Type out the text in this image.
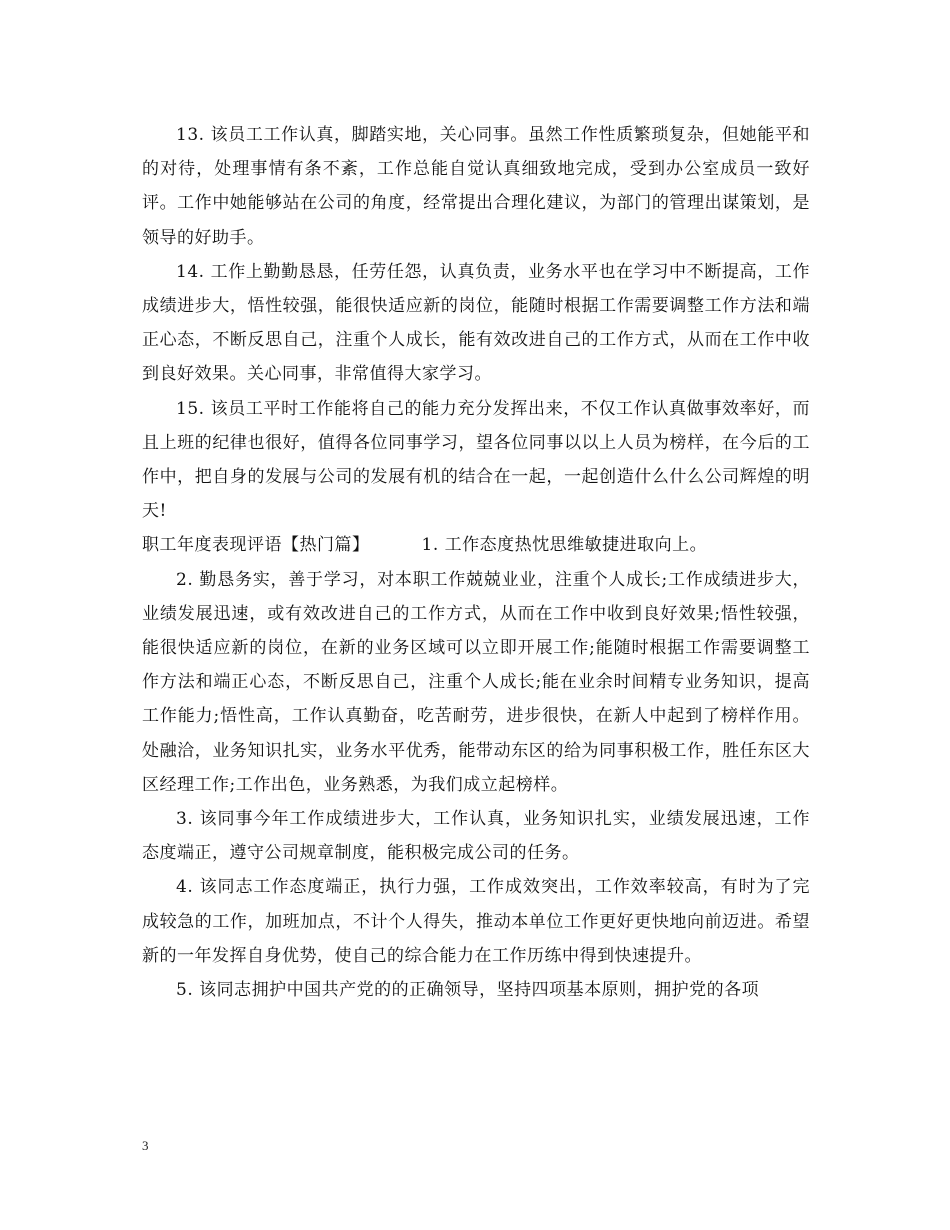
13. 该员工工作认真，脚踏实地，关心同事。虽然工作性质繁琐复杂，但她能平和的对待，处理事情有条不紊，工作总能自觉认真细致地完成，受到办公室成员一致好评。工作中她能够站在公司的角度，经常提出合理化建议，为部门的管理出谋策划，是领导的好助手。

14. 工作上勤勤恳恳，任劳任怨，认真负责，业务水平也在学习中不断提高，工作成绩进步大，悟性较强，能很快适应新的岗位，能随时根据工作需要调整工作方法和端正心态，不断反思自己，注重个人成长，能有效改进自己的工作方式，从而在工作中收到良好效果。关心同事，非常值得大家学习。

15. 该员工平时工作能将自己的能力充分发挥出来，不仅工作认真做事效率好，而且上班的纪律也很好，值得各位同事学习，望各位同事以以上人员为榜样，在今后的工作中，把自身的发展与公司的发展有机的结合在一起，一起创造什么什么公司辉煌的明天!

职工年度表现评语【热门篇】	1. 工作态度热忱思维敏捷进取向上。

2. 勤恳务实，善于学习，对本职工作兢兢业业，注重个人成长;工作成绩进步大，业绩发展迅速，或有效改进自己的工作方式，从而在工作中收到良好效果;悟性较强，能很快适应新的岗位，在新的业务区域可以立即开展工作;能随时根据工作需要调整工作方法和端正心态，不断反思自己，注重个人成长;能在业余时间精专业务知识，提高工作能力;悟性高，工作认真勤奋，吃苦耐劳，进步很快，在新人中起到了榜样作用。处融洽，业务知识扎实，业务水平优秀，能带动东区的给为同事积极工作，胜任东区大区经理工作;工作出色，业务熟悉，为我们成立起榜样。

3. 该同事今年工作成绩进步大，工作认真，业务知识扎实，业绩发展迅速，工作态度端正，遵守公司规章制度，能积极完成公司的任务。

4. 该同志工作态度端正，执行力强，工作成效突出，工作效率较高，有时为了完成较急的工作，加班加点，不计个人得失，推动本单位工作更好更快地向前迈进。希望新的一年发挥自身优势，使自己的综合能力在工作历练中得到快速提升。

5. 该同志拥护中国共产党的的正确领导，坚持四项基本原则，拥护党的各项

3
